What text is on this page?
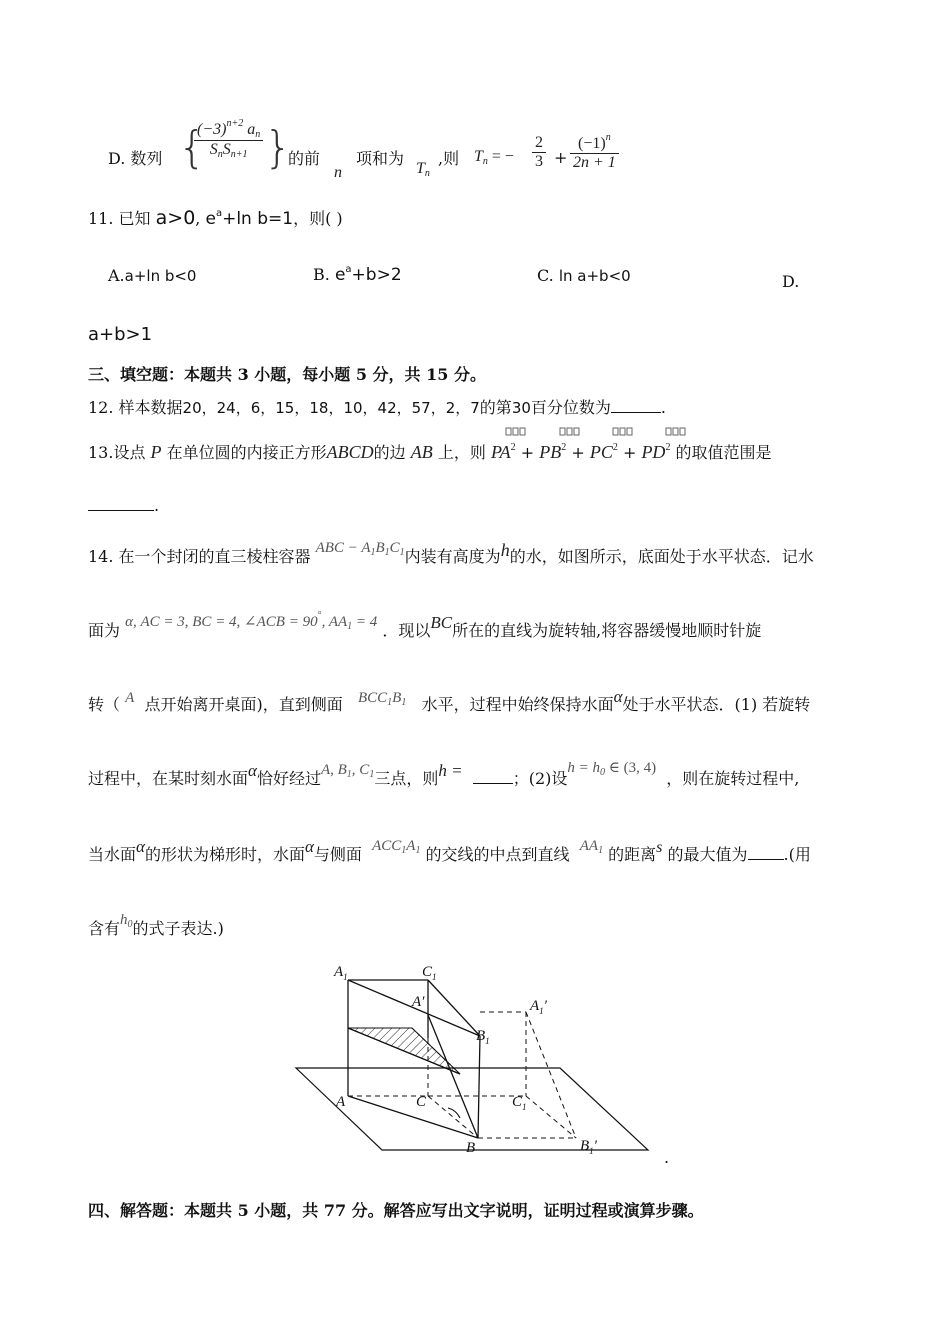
D. 数列 {
$(-3)^{n+2}$ $a_n$
$S_nS_{n+1}$ }
的前
n
项和为
$T_n$
,则 $T_n$ = − $\frac{2}{3} + \frac{(-1)^n}{2n + 1}$
11. 已知 a>0, $e^a+\ln$ b=1，则( )
A.a+ln b<0	B. $e^a+b>2$	C. ln a+b<0	D.
a+b>1
三、填空题：本题共 3 小题，每小题 5 分，共 15 分。
12. 样本数据20，24，6，15，18，10，42，57，2，7的第30百分位数为	.
13.设点 P 在单位圆的内接正方形ABCD的边 AB 上，则 $PA^2 + PB^2 + PC^2 + PD^2$ 的取值范围是
.
14. 在一个封闭的直三棱柱容器 ABC − $A_1B_1C_1$内装有高度为h的水，如图所示，底面处于水平状态．记水
面为 α, AC = 3, BC = 4, ∠ACB = 90°, $AA_1 = 4$ ．现以BC所在的直线为旋转轴,将容器缓慢地顺时针旋
转（ A 点开始离开桌面)，直到侧面 $BCC_1B_1$ 水平，过程中始终保持水面α处于水平状态．(1) 若旋转
过程中，在某时刻水面α恰好经过A, $B_1$, $C_1$三点，则h =	；(2)设$h = h_0$ ∈ (3, 4)  ，则在旋转过程中,
当水面α的形状为梯形时，水面α与侧面 $ACC_1A_1$ 的交线的中点到直线 $AA_1$ 的距离s 的最大值为 .(用
含有$h_0$的式子表达.)
$A_1$	$C_1$
A′	$A_1'$
$B_1$
A	C	$C_1$
B	$B_1'$
.
四、解答题：本题共 5 小题，共 77 分。解答应写出文字说明，证明过程或演算步骤。
